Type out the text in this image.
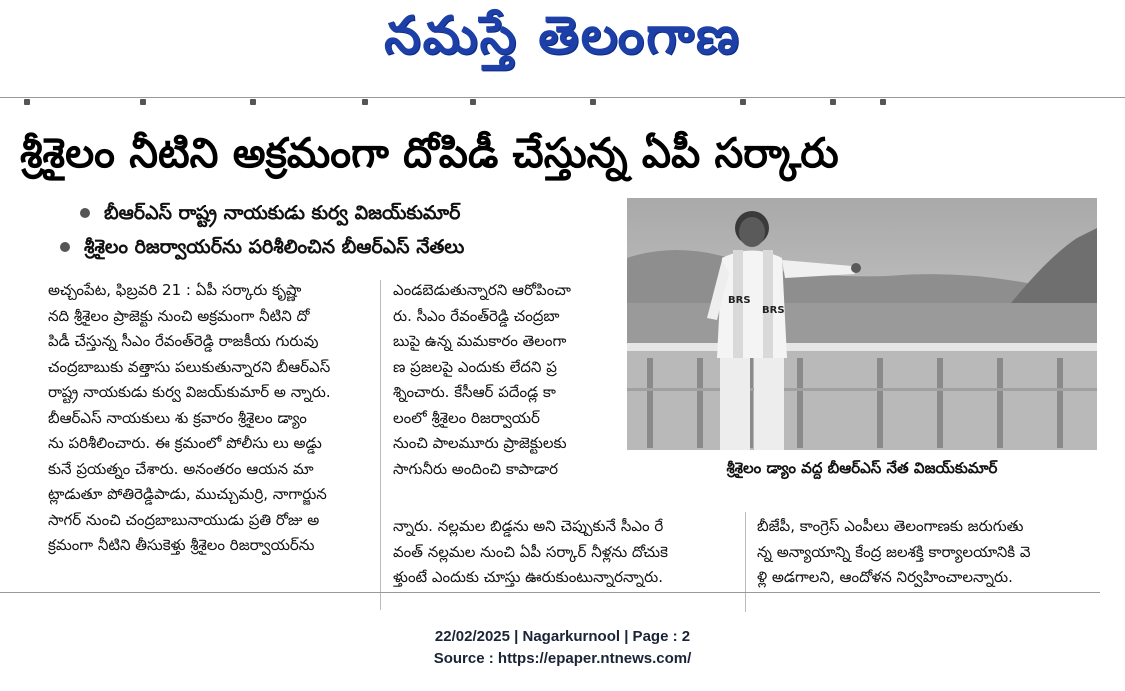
నమస్తే తెలంగాణ
శ్రీశైలం నీటిని అక్రమంగా దోపిడీ చేస్తున్న ఏపీ సర్కారు
బీఆర్‌ఎస్ రాష్ట్ర నాయకుడు కుర్వ విజయ్‌కుమార్
శ్రీశైలం రిజర్వాయర్‌ను పరిశీలించిన బీఆర్‌ఎస్ నేతలు
BRS
BRS
శ్రీశైలం డ్యాం వద్ద బీఆర్‌ఎస్ నేత విజయ్‌కుమార్
అచ్చంపేట, ఫిబ్రవరి 21 : ఏపీ సర్కారు కృష్ణా
నది శ్రీశైలం ప్రాజెక్టు నుంచి అక్రమంగా నీటిని దో
పిడీ చేస్తున్న సీఎం రేవంత్‌రెడ్డి రాజకీయ గురువు
చంద్రబాబుకు వత్తాసు పలుకుతున్నారని బీఆర్‌ఎస్
రాష్ట్ర నాయకుడు కుర్వ విజయ్‌కుమార్ అ న్నారు.
బీఆర్‌ఎస్ నాయకులు శు క్రవారం శ్రీశైలం డ్యాం
ను పరిశీలించారు. ఈ క్రమంలో పోలీసు లు అడ్డు
కునే ప్రయత్నం చేశారు. అనంతరం ఆయన మా
ట్లాడుతూ పోతిరెడ్డిపాడు, ముచ్చుమర్రి, నాగార్జున
సాగర్ నుంచి చంద్రబాబునాయుడు ప్రతి రోజు అ
క్రమంగా నీటిని తీసుకెళ్తు శ్రీశైలం రిజర్వాయర్‌ను
ఎండబెడుతున్నారని ఆరోపించా
రు. సీఎం రేవంత్‌రెడ్డి చంద్రబా
బుపై ఉన్న మమకారం తెలంగా
ణ ప్రజలపై ఎందుకు లేదని ప్ర
శ్నించారు. కేసీఆర్ పదేండ్ల కా
లంలో శ్రీశైలం రిజర్వాయర్
నుంచి పాలమూరు ప్రాజెక్టులకు
సాగునీరు అందించి కాపాడార
న్నారు. నల్లమల బిడ్డను అని చెప్పుకునే సీఎం రే
వంత్ నల్లమల నుంచి ఏపీ సర్కార్ నీళ్లను దోచుకె
ళ్తుంటే ఎందుకు చూస్తు ఊరుకుంటున్నారన్నారు.
బీజేపీ, కాంగ్రెస్ ఎంపీలు తెలంగాణకు జరుగుతు
న్న అన్యాయాన్ని కేంద్ర జలశక్తి కార్యాలయానికి వె
ళ్లి అడగాలని, ఆందోళన నిర్వహించాలన్నారు.
22/02/2025 | Nagarkurnool | Page : 2
Source : https://epaper.ntnews.com/
